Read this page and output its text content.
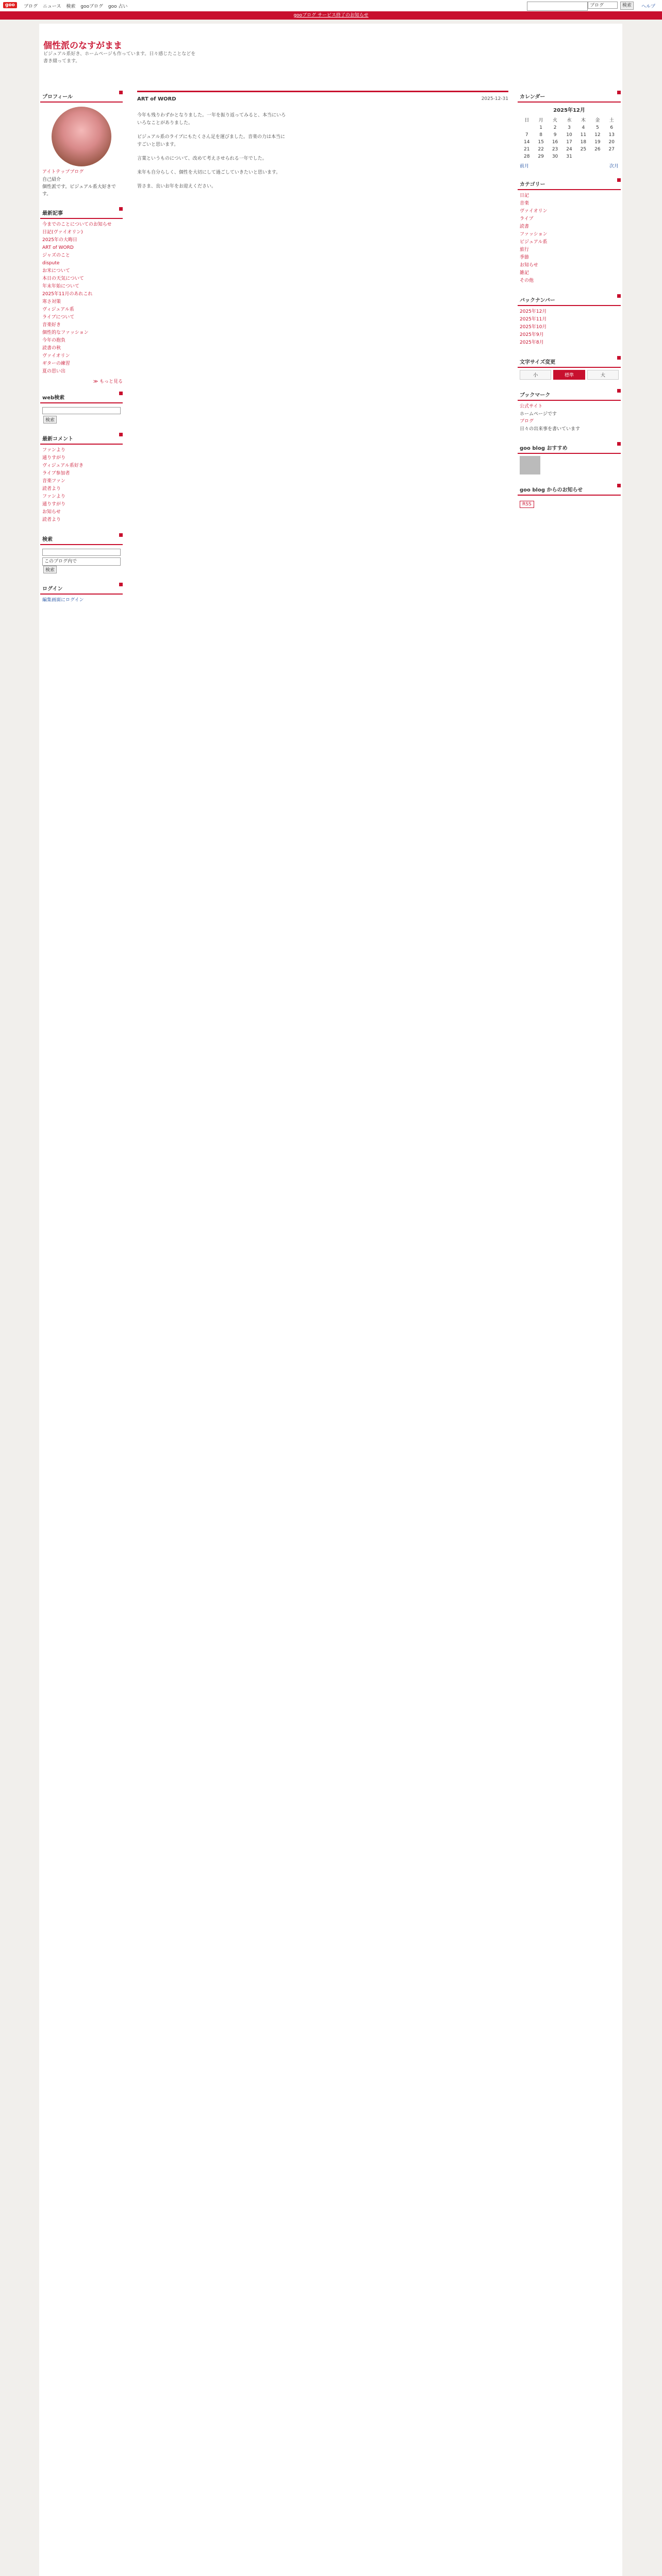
goo	ブログ ニュース 検索 gooブログ goo 占い	ブログ	検索	ヘルプ
gooブログ サービス終了のお知らせ
個性派のなすがまま
ビジュアル系好き、ホームページも作っています。日々感じたことなどを書き綴ってます。
プロフィール
アイトテップブログ
自己紹介
個性派です。ビジュアル系大好きです。
最新記事
今までのことについてのお知らせ
日記(ヴァイオリン)
2025年の大晦日
ART of WORD
ジャズのこと
dispute
お米について
本日の天気について
年末年始について
2025年11月のあれこれ
寒さ対策
ヴィジュアル系
ライブについて
音楽好き
個性的なファッション
今年の抱負
読書の秋
ヴァイオリン
ギターの練習
夏の思い出
≫ もっと見る
web検索
検索
最新コメント
ファンより
通りすがり
ヴィジュアル系好き
ライブ参加者
音楽ファン
読者より
ファンより
通りすがり
お知らせ
読者より
検索
このブログ内で
検索
ログイン
編集画面にログイン
ART of WORD	2025-12-31

今年も残りわずかとなりました。一年を振り返ってみると、本当にいろいろなことがありました。

ビジュアル系のライブにもたくさん足を運びました。音楽の力は本当にすごいと思います。

言葉というものについて、改めて考えさせられる一年でした。

来年も自分らしく、個性を大切にして過ごしていきたいと思います。

皆さま、良いお年をお迎えください。

カレンダー
2025年12月
日	月	火	水	木	金	土
	1	2	3	4	5	6
7	8	9	10	11	12	13
14	15	16	17	18	19	20
21	22	23	24	25	26	27
28	29	30	31			
前月	次月
カテゴリー
日記
音楽
ヴァイオリン
ライブ
読書
ファッション
ビジュアル系
旅行
季節
お知らせ
雑記
その他
バックナンバー
2025年12月
2025年11月
2025年10月
2025年9月
2025年8月
文字サイズ変更
小	標準	大
ブックマーク
公式サイト
ホームページです
ブログ
日々の出来事を書いています
goo blog おすすめ
goo blog からのお知らせ
RSS
